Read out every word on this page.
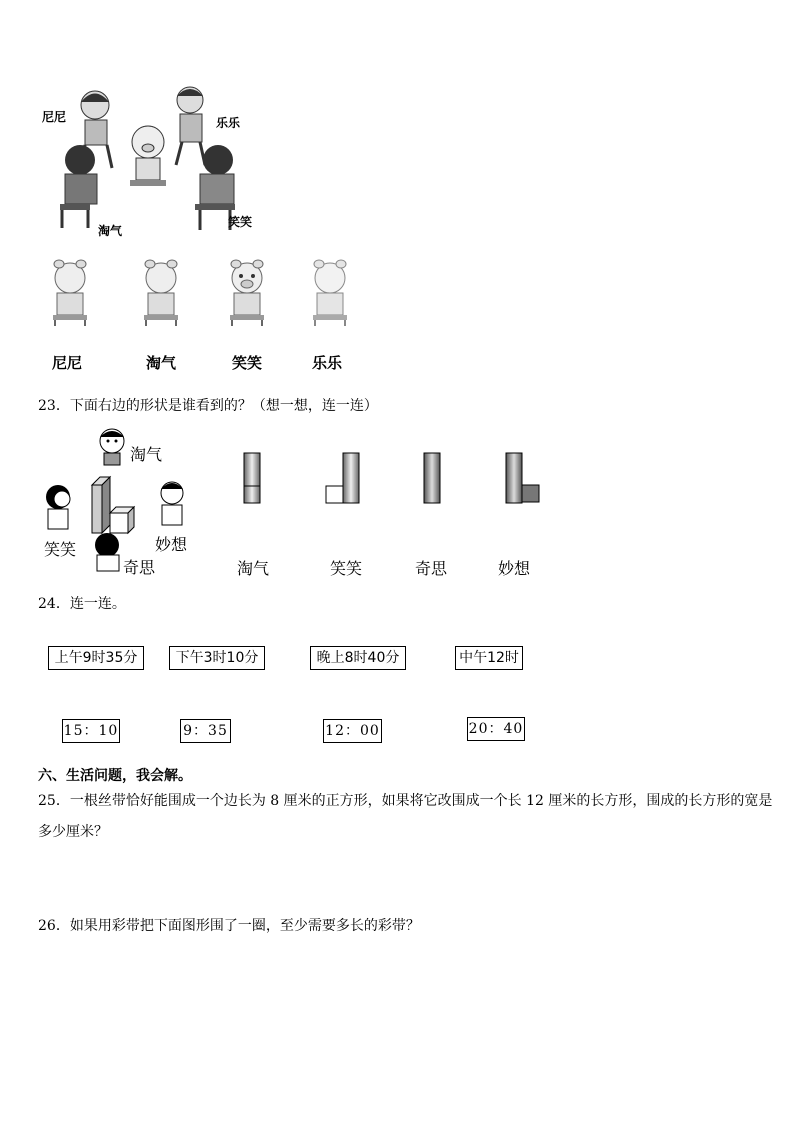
尼尼	乐乐
淘气
笑笑
尼尼	淘气	笑笑	乐乐
23．下面右边的形状是谁看到的？（想一想，连一连）
淘气
笑笑	妙想
奇思	淘气	笑笑	奇思	妙想
24．连一连。
上午9时35分	下午3时10分	晚上8时40分	中午12时
15：10	9：35	12：00	20：40
六、生活问题，我会解。
25．一根丝带恰好能围成一个边长为 8 厘米的正方形，如果将它改围成一个长 12 厘米的长方形，围成的长方形的宽是
多少厘米？
26．如果用彩带把下面图形围了一圈，至少需要多长的彩带？
